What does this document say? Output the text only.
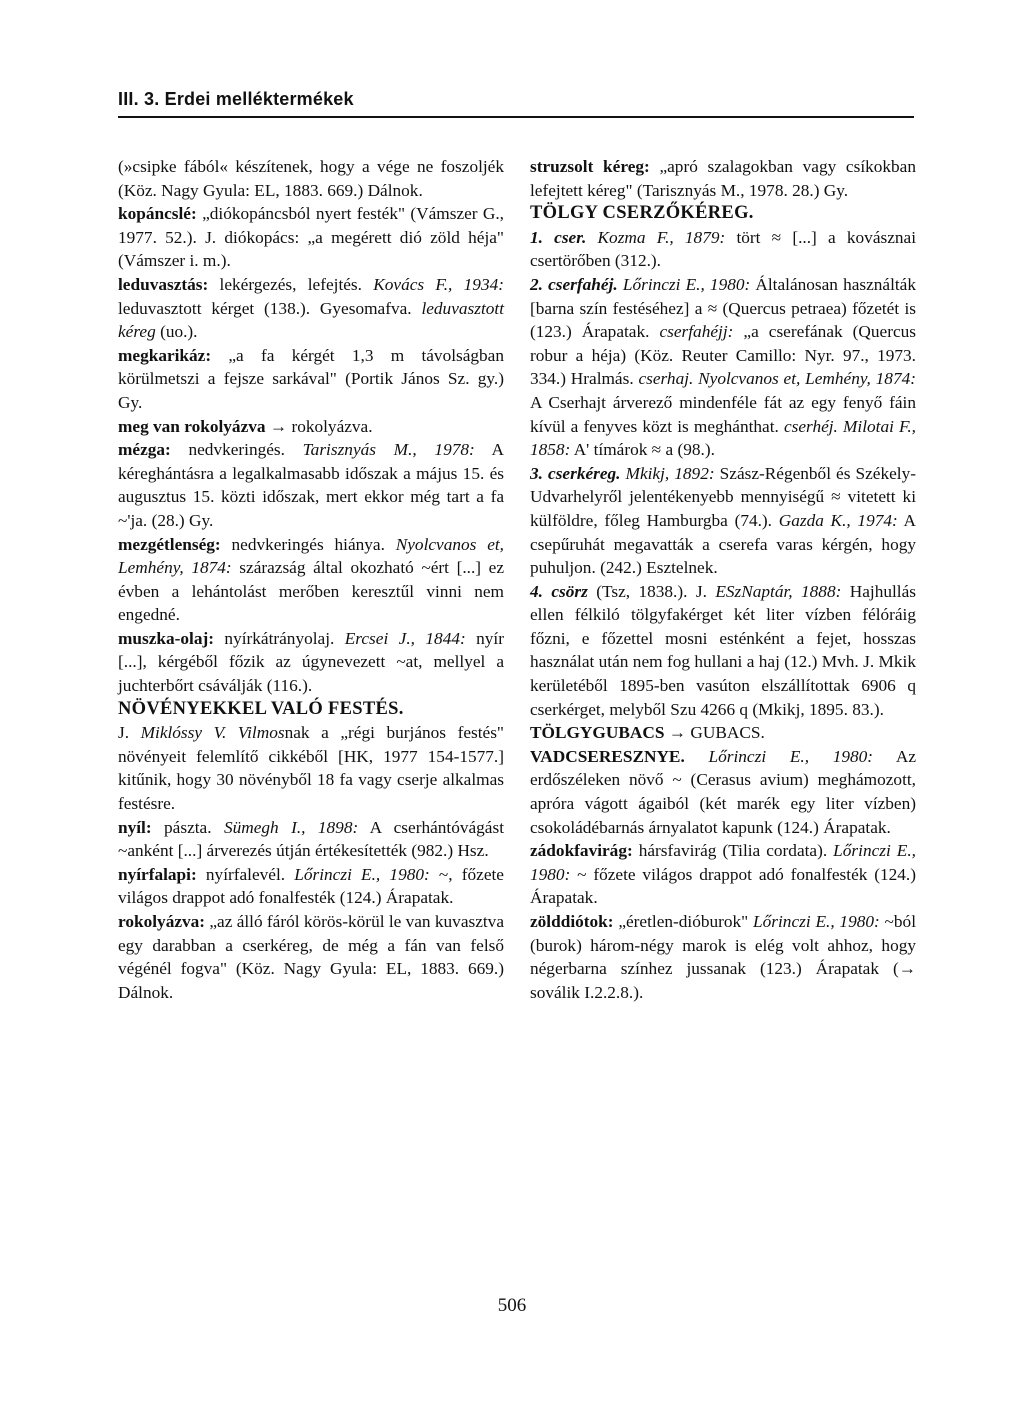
III. 3. Erdei melléktermékek

(»csipke fából« készítenek, hogy a vége ne foszoljék (Köz. Nagy Gyula: EL, 1883. 669.) Dálnok.

kopáncslé: „diókopáncsból nyert festék" (Vámszer G., 1977. 52.). J. diókopács: „a megérett dió zöld héja" (Vámszer i. m.).

leduvasztás: lekérgezés, lefejtés. Kovács F., 1934: leduvasztott kérget (138.). Gyesomafva. leduvasztott kéreg (uo.).

megkarikáz: „a fa kérgét 1,3 m távolságban körülmetszi a fejsze sarkával" (Portik János Sz. gy.) Gy.

meg van rokolyázva → rokolyázva.

mézga: nedvkeringés. Tarisznyás M., 1978: A kéreghántásra a legalkalmasabb időszak a május 15. és augusztus 15. közti időszak, mert ekkor még tart a fa ~'ja. (28.) Gy.

mezgétlenség: nedvkeringés hiánya. Nyolcvanos et, Lemhény, 1874: szárazság által okozható ~ért [...] ez évben a lehántolást merőben keresztűl vinni nem engedné.

muszka-olaj: nyírkátrányolaj. Ercsei J., 1844: nyír [...], kérgéből főzik az úgynevezett ~at, mellyel a juchterbőrt csáválják (116.).

NÖVÉNYEKKEL VALÓ FESTÉS.

J. Miklóssy V. Vilmosnak a „régi burjános festés" növényeit felemlítő cikkéből [HK, 1977 154-1577.] kitűnik, hogy 30 növényből 18 fa vagy cserje alkalmas festésre.

nyíl: pászta. Sümegh I., 1898: A cserhántóvágást ~anként [...] árverezés útján értékesítették (982.) Hsz.

nyírfalapi: nyírfalevél. Lőrinczi E., 1980: ~, főzete világos drappot adó fonalfesték (124.) Árapatak.

rokolyázva: „az álló fáról körös-körül le van kuvasztva egy darabban a cserkéreg, de még a fán van felső végénél fogva" (Köz. Nagy Gyula: EL, 1883. 669.) Dálnok.

struzsolt kéreg: „apró szalagokban vagy csíkokban lefejtett kéreg" (Tarisznyás M., 1978. 28.) Gy.

TÖLGY CSERZŐKÉREG.

1. cser. Kozma F., 1879: tört ≈ [...] a kovásznai csertörőben (312.).

2. cserfahéj. Lőrinczi E., 1980: Általánosan használták [barna szín festéséhez] a ≈ (Quercus petraea) főzetét is (123.) Árapatak. cserfahéjj: „a cserefának (Quercus robur a héja) (Köz. Reuter Camillo: Nyr. 97., 1973. 334.) Hralmás. cserhaj. Nyolcvanos et, Lemhény, 1874: A Cserhajt árverező mindenféle fát az egy fenyő fáin kívül a fenyves közt is meghánthat. cserhéj. Milotai F., 1858: A' tímárok ≈ a (98.).

3. cserkéreg. Mkikj, 1892: Szász-Régenből és Székely-Udvarhelyről jelentékenyebb mennyiségű ≈ vitetett ki külföldre, főleg Hamburgba (74.). Gazda K., 1974: A csepűruhát megavatták a cserefa varas kérgén, hogy puhuljon. (242.) Esztelnek.

4. csörz (Tsz, 1838.). J. ESzNaptár, 1888: Hajhullás ellen félkiló tölgyfakérget két liter vízben félóráig főzni, e főzettel mosni esténként a fejet, hosszas használat után nem fog hullani a haj (12.) Mvh. J. Mkik kerületéből 1895-ben vasúton elszállítottak 6906 q cserkérget, melyből Szu 4266 q (Mkikj, 1895. 83.).

TÖLGYGUBACS → GUBACS.

VADCSERESZNYE. Lőrinczi E., 1980: Az erdőszéleken növő ~ (Cerasus avium) meghámozott, apróra vágott ágaiból (két marék egy liter vízben) csokoládébarnás árnyalatot kapunk (124.) Árapatak.

zádokfavirág: hársfavirág (Tilia cordata). Lőrinczi E., 1980: ~ főzete világos drappot adó fonalfesték (124.) Árapatak.

zölddiótok: „éretlen-dióburok" Lőrinczi E., 1980: ~ból (burok) három-négy marok is elég volt ahhoz, hogy négerbarna színhez jussanak (123.) Árapatak (→ soválik I.2.2.8.).

506
